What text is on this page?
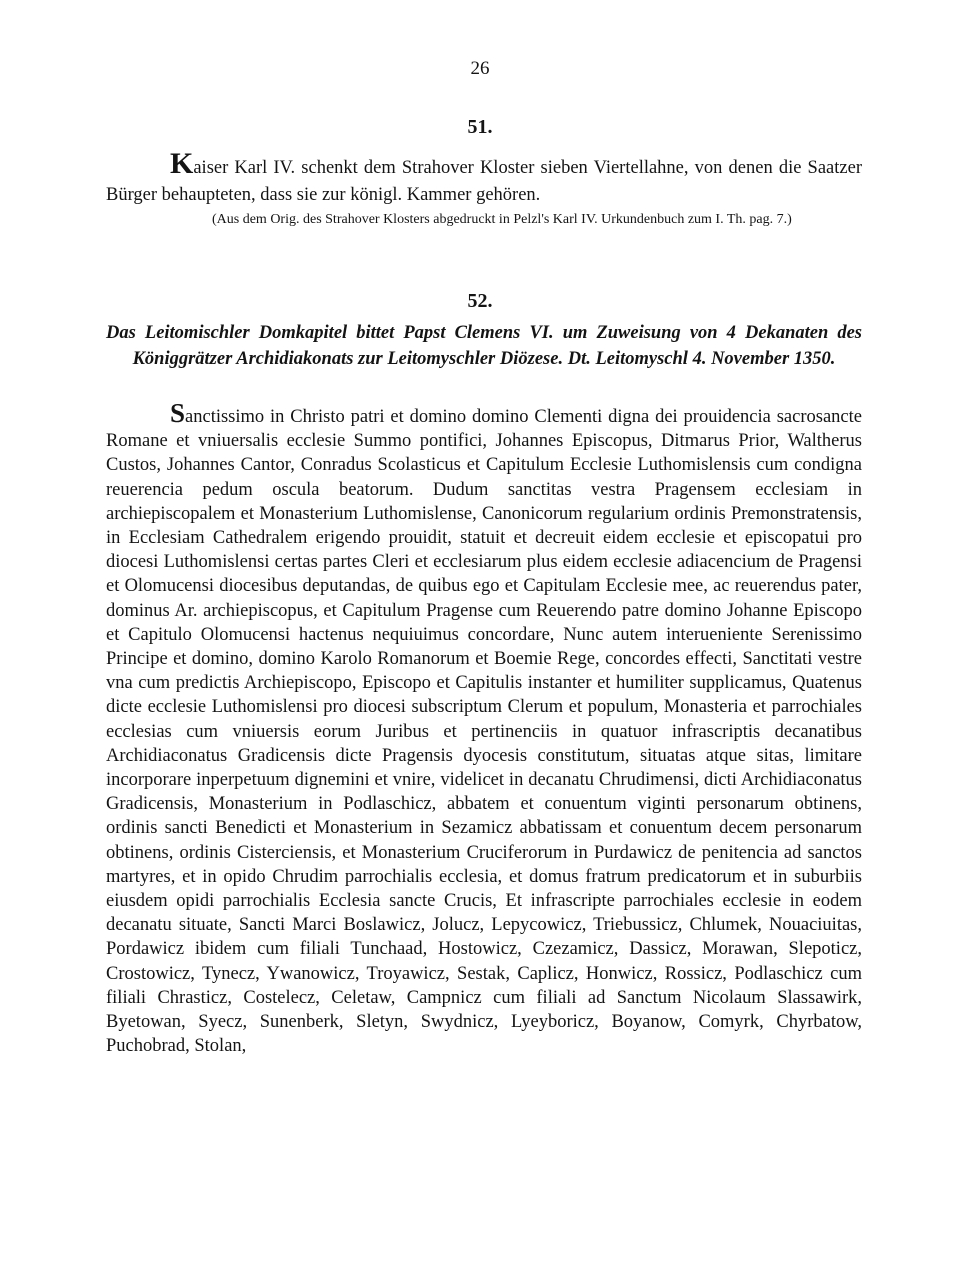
26
51.
Kaiser Karl IV. schenkt dem Strahover Kloster sieben Viertellahne, von denen die Saatzer Bürger behaupteten, dass sie zur königl. Kammer gehören.
(Aus dem Orig. des Strahover Klosters abgedruckt in Pelzl's Karl IV. Urkundenbuch zum I. Th. pag. 7.)
52.
Das Leitomischler Domkapitel bittet Papst Clemens VI. um Zuweisung von 4 Dekanaten des Königgrätzer Archidiakonats zur Leitomyschler Diözese. Dt. Leitomyschl 4. November 1350.
Sanctissimo in Christo patri et domino domino Clementi digna dei prouidencia sacrosancte Romane et vniuersalis ecclesie Summo pontifici, Johannes Episcopus, Ditmarus Prior, Waltherus Custos, Johannes Cantor, Conradus Scolasticus et Capitulum Ecclesie Luthomislensis cum condigna reuerencia pedum oscula beatorum. Dudum sanctitas vestra Pragensem ecclesiam in archiepiscopalem et Monasterium Luthomislense, Canonicorum regularium ordinis Premonstratensis, in Ecclesiam Cathedralem erigendo prouidit, statuit et decreuit eidem ecclesie et episcopatui pro diocesi Luthomislensi certas partes Cleri et ecclesiarum plus eidem ecclesie adiacencium de Pragensi et Olomucensi diocesibus deputandas, de quibus ego et Capitulam Ecclesie mee, ac reuerendus pater, dominus Ar. archiepiscopus, et Capitulum Pragense cum Reuerendo patre domino Johanne Episcopo et Capitulo Olomucensi hactenus nequiuimus concordare, Nunc autem interueniente Serenissimo Principe et domino, domino Karolo Romanorum et Boemie Rege, concordes effecti, Sanctitati vestre vna cum predictis Archiepiscopo, Episcopo et Capitulis instanter et humiliter supplicamus, Quatenus dicte ecclesie Luthomislensi pro diocesi subscriptum Clerum et populum, Monasteria et parrochiales ecclesias cum vniuersis eorum Juribus et pertinenciis in quatuor infrascriptis decanatibus Archidiaconatus Gradicensis dicte Pragensis dyocesis constitutum, situatas atque sitas, limitare incorporare inperpetuum dignemini et vnire, videlicet in decanatu Chrudimensi, dicti Archidiaconatus Gradicensis, Monasterium in Podlaschicz, abbatem et conuentum viginti personarum obtinens, ordinis sancti Benedicti et Monasterium in Sezamicz abbatissam et conuentum decem personarum obtinens, ordinis Cisterciensis, et Monasterium Cruciferorum in Purdawicz de penitencia ad sanctos martyres, et in opido Chrudim parrochialis ecclesia, et domus fratrum predicatorum et in suburbiis eiusdem opidi parrochialis Ecclesia sancte Crucis, Et infrascripte parrochiales ecclesie in eodem decanatu situate, Sancti Marci Boslawicz, Jolucz, Lepycowicz, Triebussicz, Chlumek, Nouaciuitas, Pordawicz ibidem cum filiali Tunchaad, Hostowicz, Czezamicz, Dassicz, Morawan, Slepoticz, Crostowicz, Tynecz, Ywanowicz, Troyawicz, Sestak, Caplicz, Honwicz, Rossicz, Podlaschicz cum filiali Chrasticz, Costelecz, Celetaw, Campnicz cum filiali ad Sanctum Nicolaum Slassawirk, Byetowan, Syecz, Sunenberk, Sletyn, Swydnicz, Lyeyboricz, Boyanow, Comyrk, Chyrbatow, Puchobrad, Stolan,
